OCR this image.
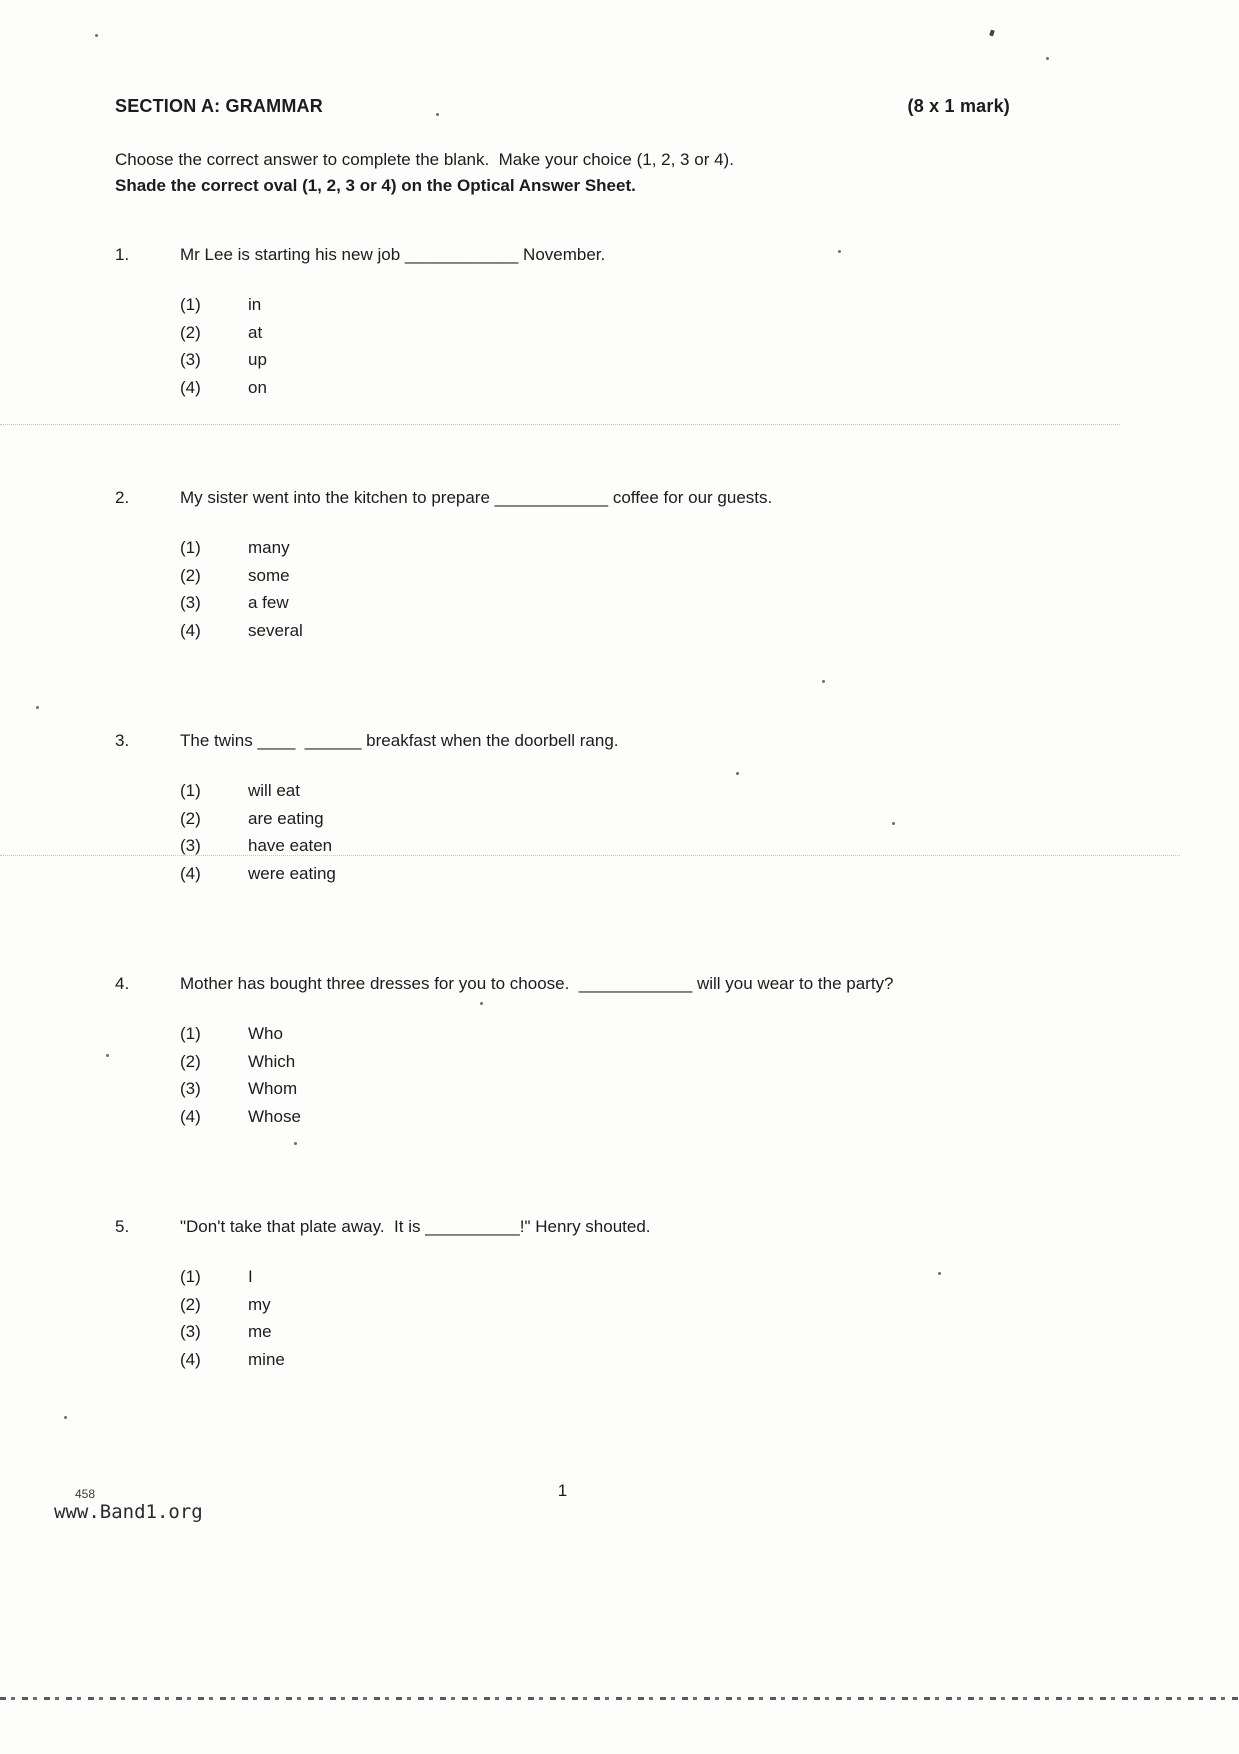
SECTION A: GRAMMAR	(8 x 1 mark)

Choose the correct answer to complete the blank.  Make your choice (1, 2, 3 or 4).

Shade the correct oval (1, 2, 3 or 4) on the Optical Answer Sheet.

1.	Mr Lee is starting his new job ____________ November.
(1)	in
(2)	at
(3)	up
(4)	on
2.	My sister went into the kitchen to prepare ____________ coffee for our guests.
(1)	many
(2)	some
(3)	a few
(4)	several
3.	The twins ____  ______ breakfast when the doorbell rang.
(1)	will eat
(2)	are eating
(3)	have eaten
(4)	were eating
4.	Mother has bought three dresses for you to choose.  ____________ will you wear to the party?
(1)	Who
(2)	Which
(3)	Whom
(4)	Whose
5.	"Don't take that plate away.  It is __________!" Henry shouted.
(1)	I
(2)	my
(3)	me
(4)	mine
1
458
www.Band1.org
